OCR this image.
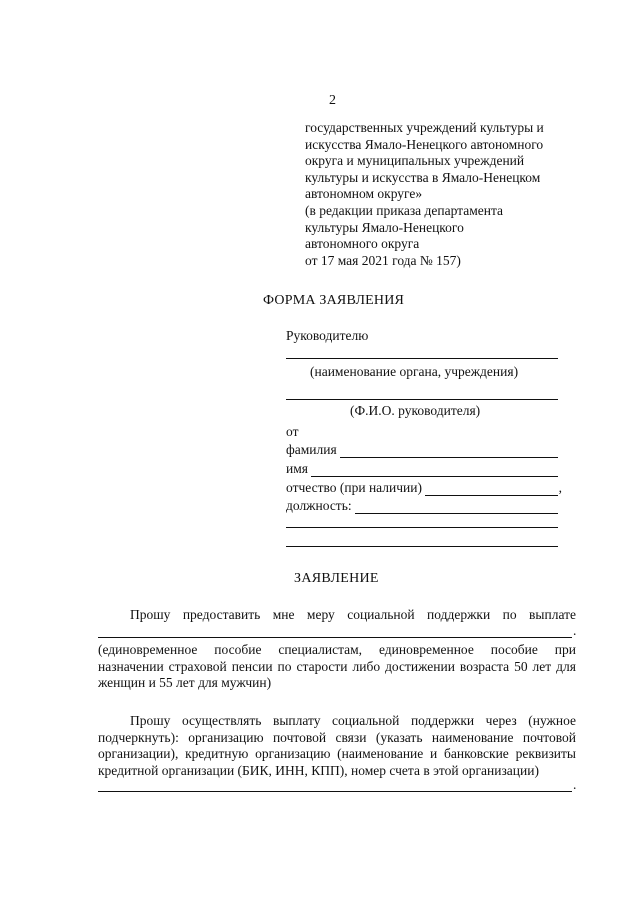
2
государственных учреждений культуры и
искусства Ямало-Ненецкого автономного
округа и муниципальных учреждений
культуры и искусства в Ямало-Ненецком
автономном округе»
(в редакции приказа департамента
культуры Ямало-Ненецкого
автономного округа
от 17 мая 2021 года № 157)
ФОРМА ЗАЯВЛЕНИЯ
Руководителю
(наименование органа, учреждения)
(Ф.И.О. руководителя)
от
фамилия
имя
отчество (при наличии)	,
должность:
ЗАЯВЛЕНИЕ
Прошу предоставить мне меру социальной поддержки по выплате
.
(единовременное пособие специалистам, единовременное пособие при
назначении страховой пенсии по старости либо достижении возраста 50 лет для
женщин и 55 лет для мужчин)
Прошу осуществлять выплату социальной поддержки через (нужное
подчеркнуть): организацию почтовой связи (указать наименование почтовой
организации), кредитную организацию (наименование и банковские реквизиты
кредитной организации (БИК, ИНН, КПП), номер счета в этой организации)
.
